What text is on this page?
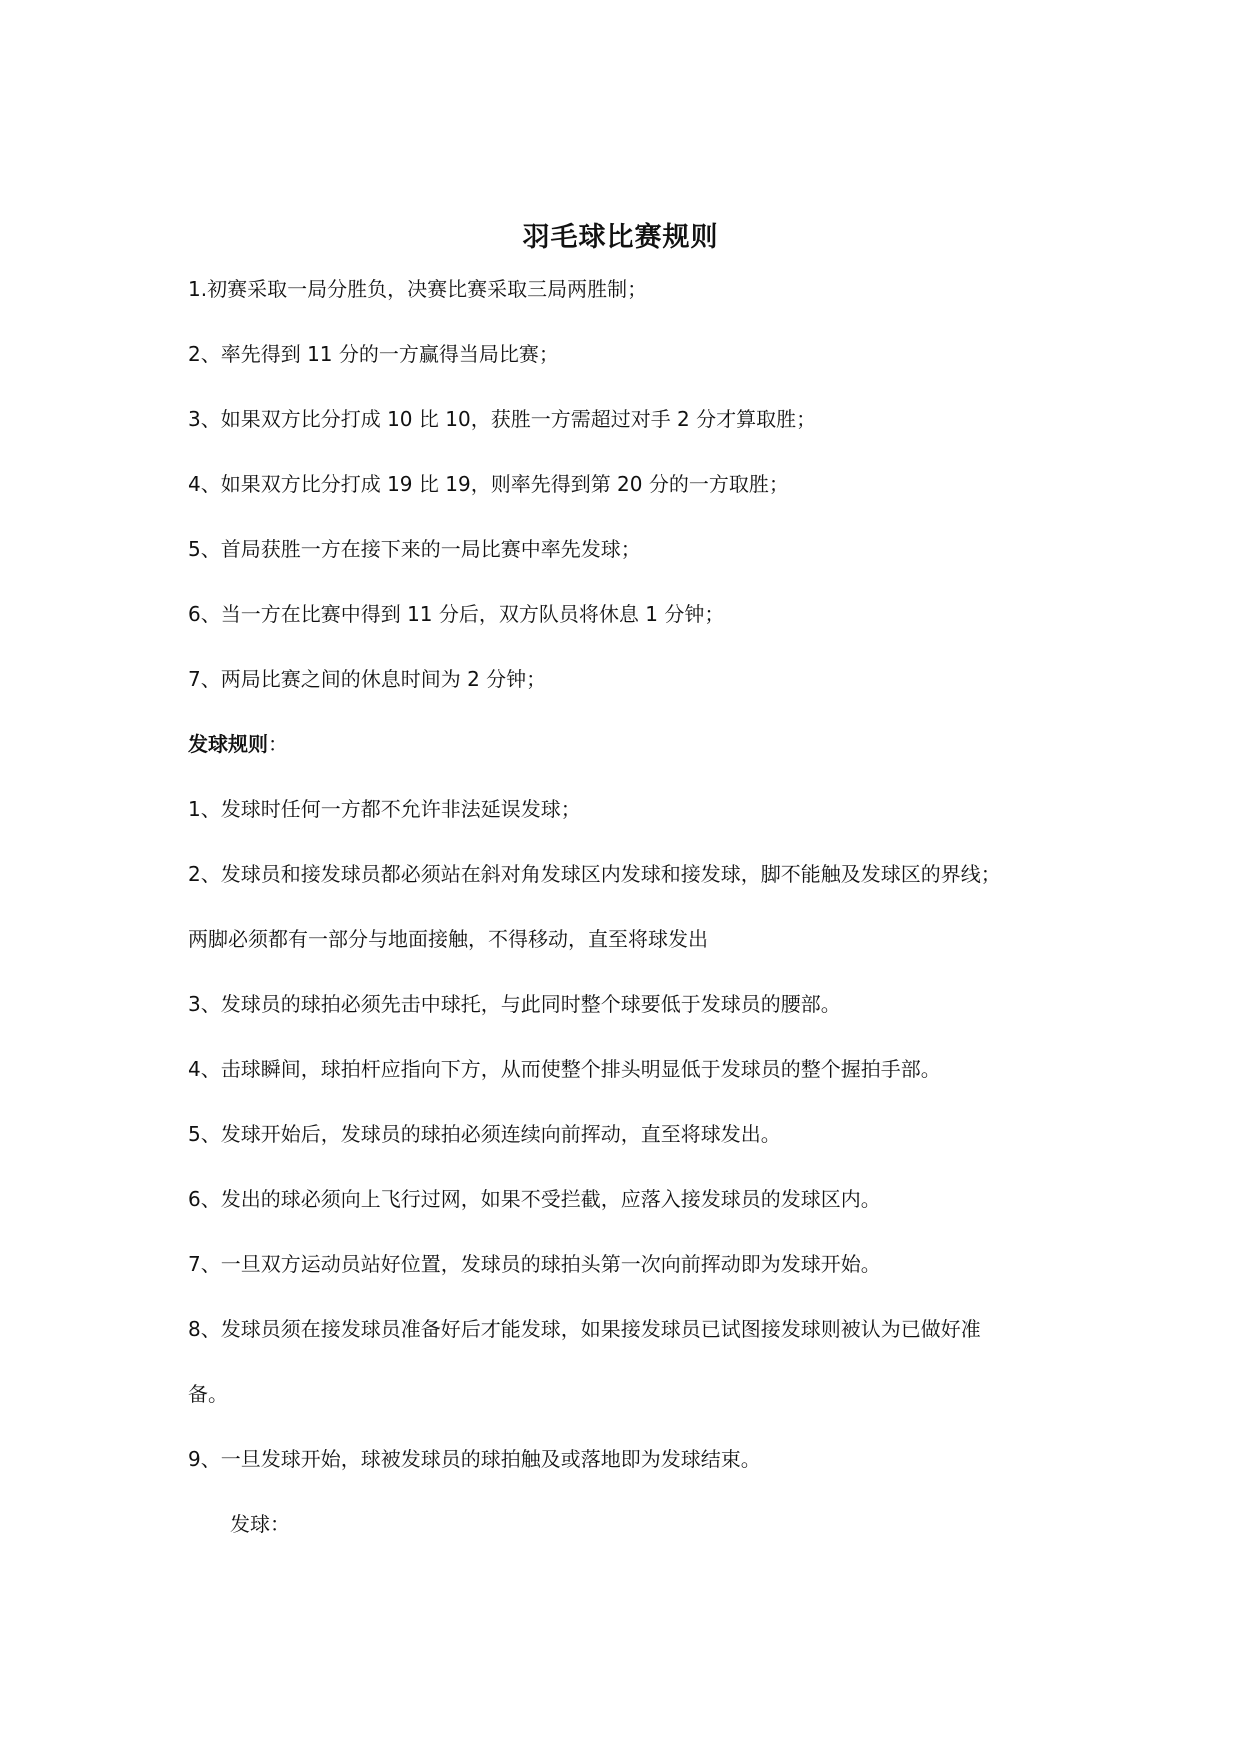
羽毛球比赛规则
1.初赛采取一局分胜负，决赛比赛采取三局两胜制；
2、率先得到 11 分的一方赢得当局比赛；
3、如果双方比分打成 10 比 10，获胜一方需超过对手 2 分才算取胜；
4、如果双方比分打成 19 比 19，则率先得到第 20 分的一方取胜；
5、首局获胜一方在接下来的一局比赛中率先发球；
6、当一方在比赛中得到 11 分后，双方队员将休息 1 分钟；
7、两局比赛之间的休息时间为 2 分钟；
发球规则：
1、发球时任何一方都不允许非法延误发球；
2、发球员和接发球员都必须站在斜对角发球区内发球和接发球，脚不能触及发球区的界线；
两脚必须都有一部分与地面接触，不得移动，直至将球发出
3、发球员的球拍必须先击中球托，与此同时整个球要低于发球员的腰部。
4、击球瞬间，球拍杆应指向下方，从而使整个排头明显低于发球员的整个握拍手部。
5、发球开始后，发球员的球拍必须连续向前挥动，直至将球发出。
6、发出的球必须向上飞行过网，如果不受拦截，应落入接发球员的发球区内。
7、一旦双方运动员站好位置，发球员的球拍头第一次向前挥动即为发球开始。
8、发球员须在接发球员准备好后才能发球，如果接发球员已试图接发球则被认为已做好准
备。
9、一旦发球开始，球被发球员的球拍触及或落地即为发球结束。
发球：
